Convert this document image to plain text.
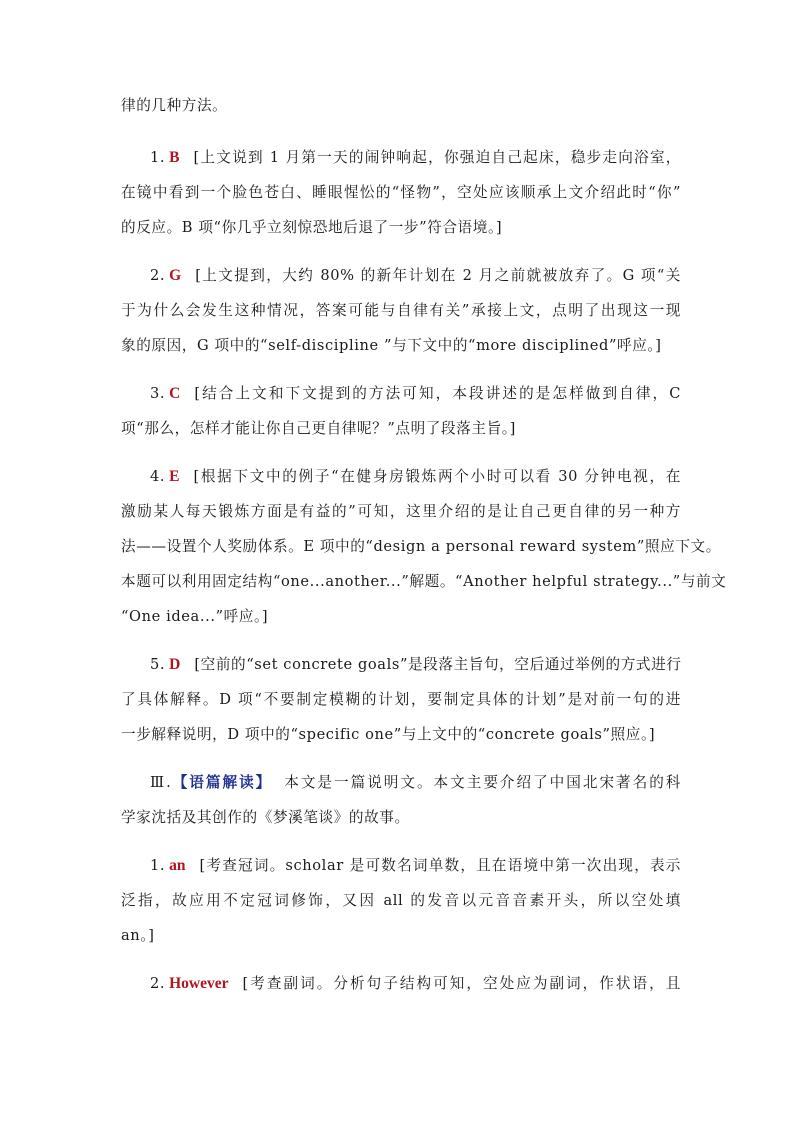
律的几种方法。
1. B [上文说到 1 月第一天的闹钟响起，你强迫自己起床，稳步走向浴室，
在镜中看到一个脸色苍白、睡眼惺忪的“怪物”，空处应该顺承上文介绍此时“你”
的反应。B 项“你几乎立刻惊恐地后退了一步”符合语境。]
2. G [上文提到，大约 80% 的新年计划在 2 月之前就被放弃了。G 项“关
于为什么会发生这种情况，答案可能与自律有关”承接上文，点明了出现这一现
象的原因，G 项中的“self-discipline ”与下文中的“more disciplined”呼应。]
3. C [结合上文和下文提到的方法可知，本段讲述的是怎样做到自律，C
项“那么，怎样才能让你自己更自律呢？”点明了段落主旨。]
4. E [根据下文中的例子“在健身房锻炼两个小时可以看 30 分钟电视，在
激励某人每天锻炼方面是有益的”可知，这里介绍的是让自己更自律的另一种方
法——设置个人奖励体系。E 项中的“design a personal reward system”照应下文。
本题可以利用固定结构“one...another...”解题。“Another helpful strategy...”与前文
“One idea...”呼应。]
5. D [空前的“set concrete goals”是段落主旨句，空后通过举例的方式进行
了具体解释。D 项“不要制定模糊的计划，要制定具体的计划”是对前一句的进
一步解释说明，D 项中的“specific one”与上文中的“concrete goals”照应。]
Ⅲ.【语篇解读】 本文是一篇说明文。本文主要介绍了中国北宋著名的科
学家沈括及其创作的《梦溪笔谈》的故事。
1. an [考查冠词。scholar 是可数名词单数，且在语境中第一次出现，表示
泛指，故应用不定冠词修饰，又因 all 的发音以元音音素开头，所以空处填
an。]
2. However [考查副词。分析句子结构可知，空处应为副词，作状语，且
